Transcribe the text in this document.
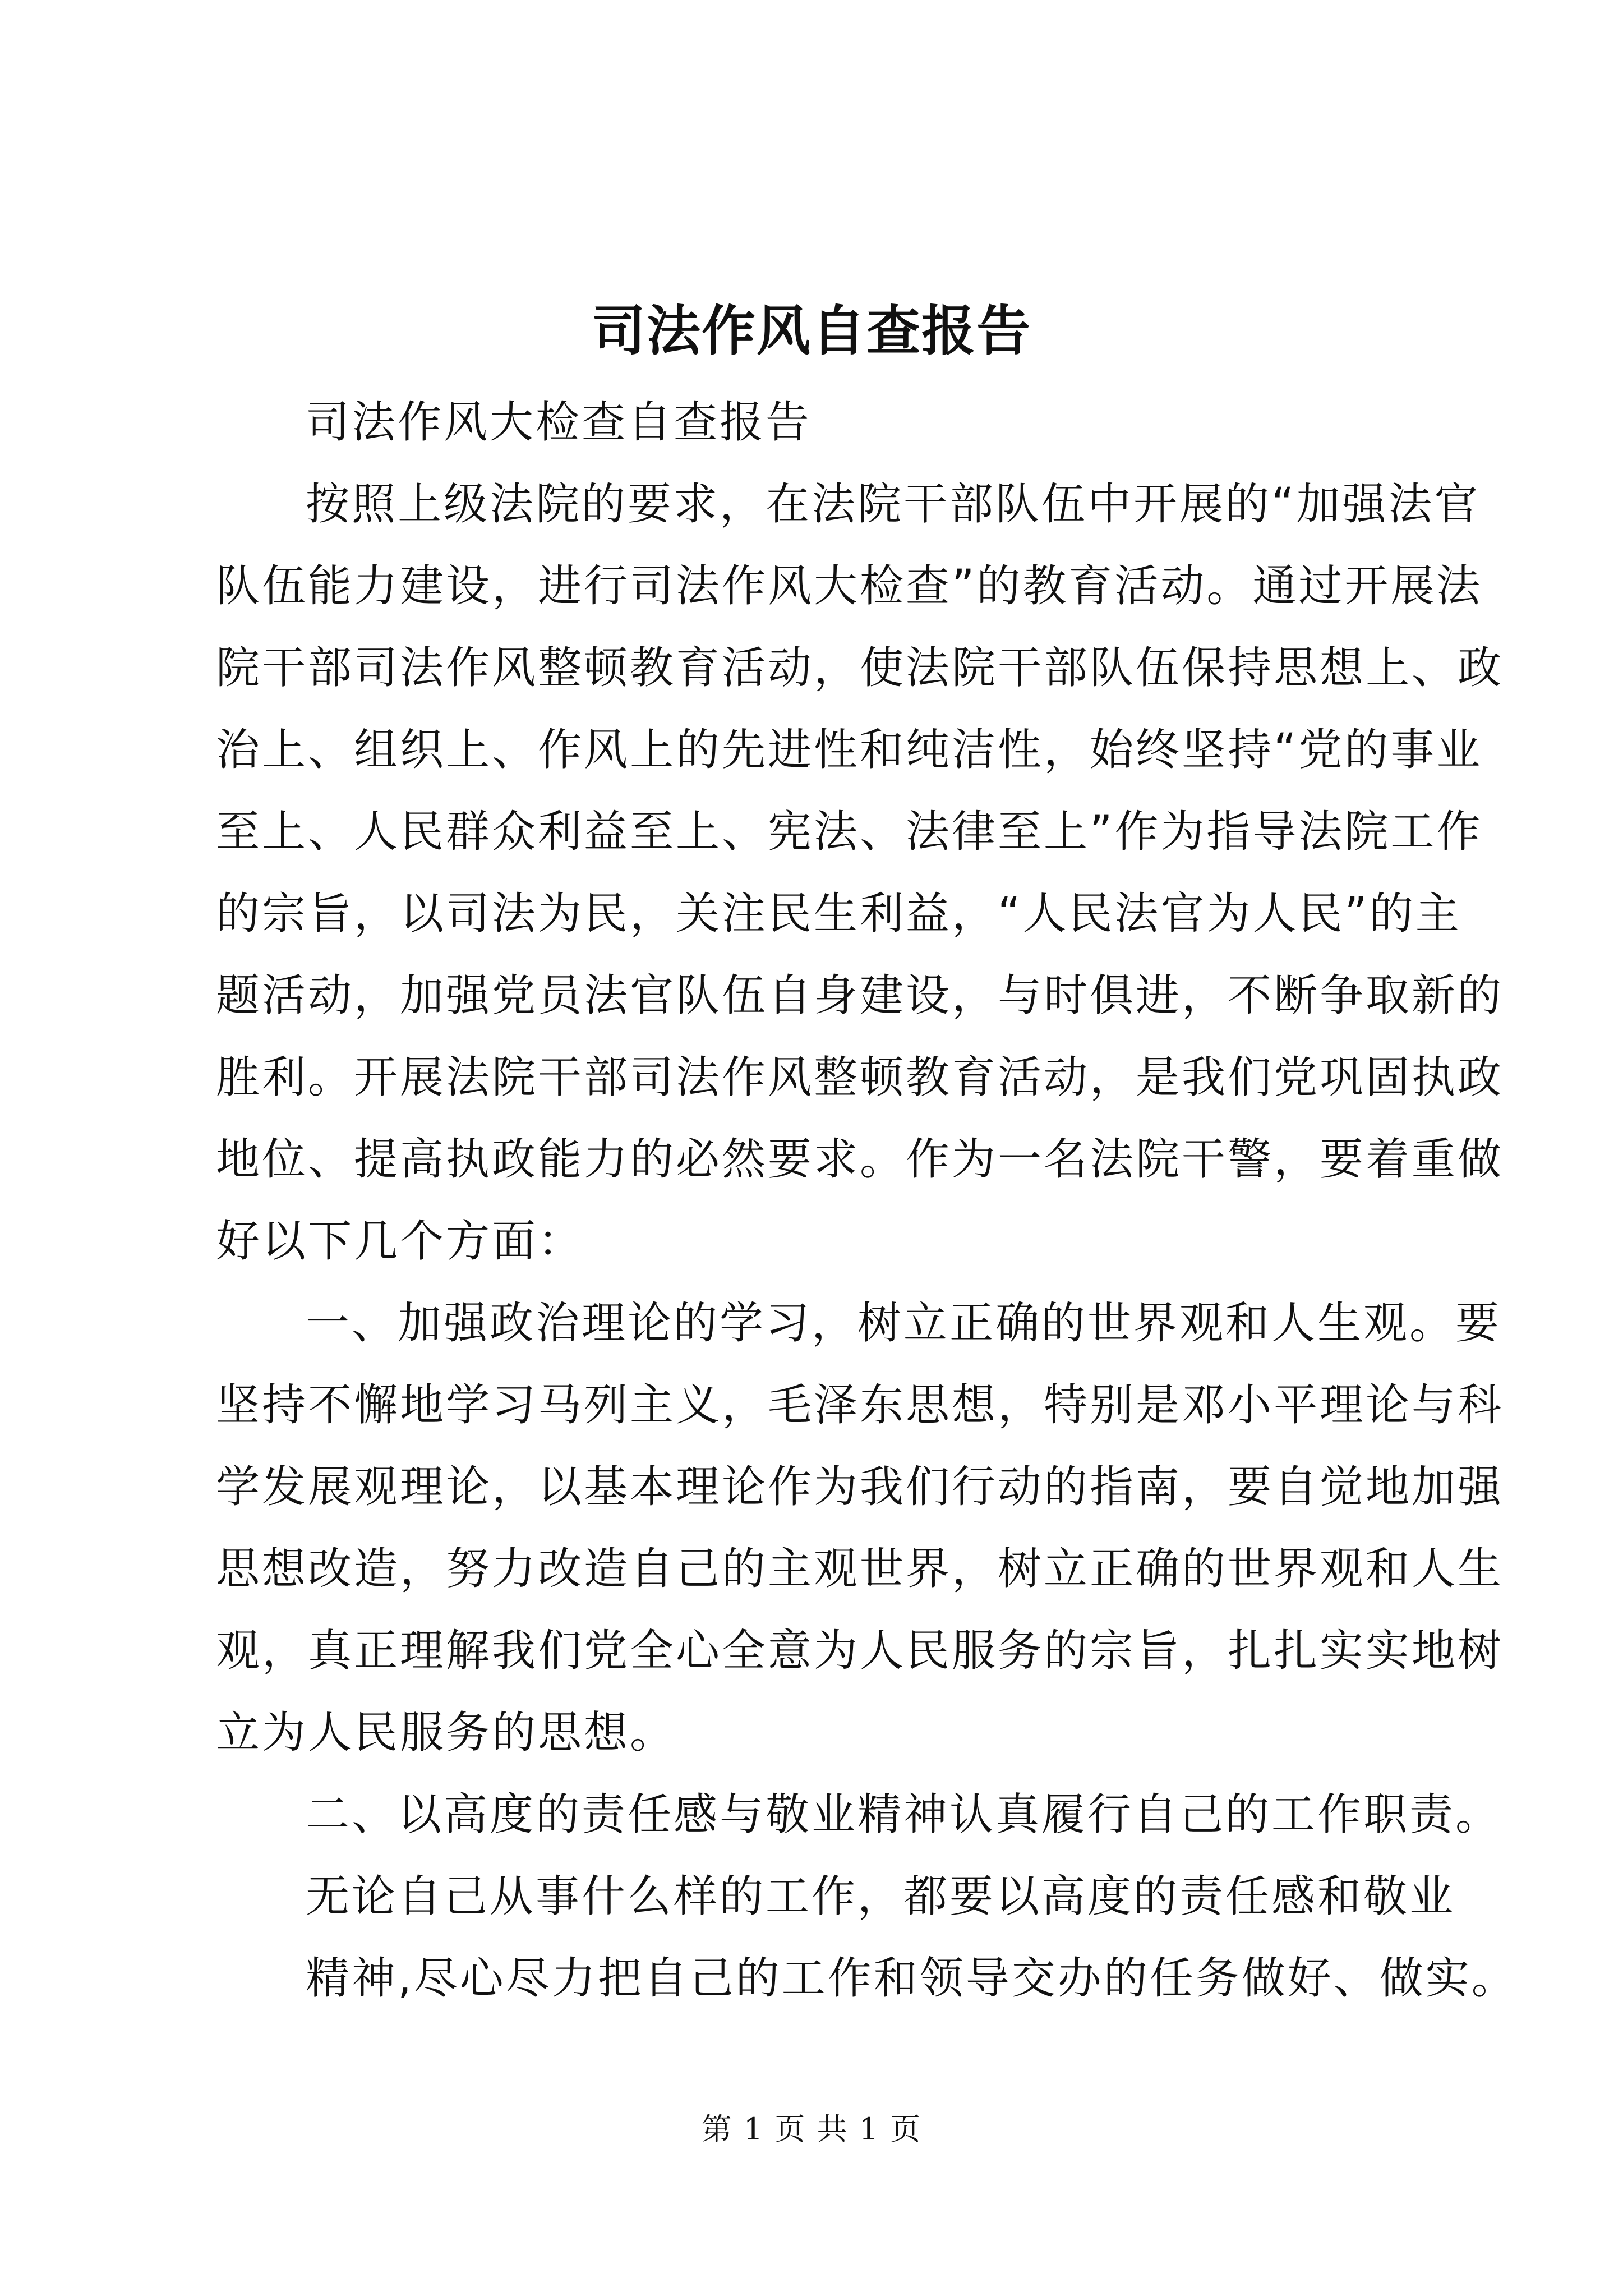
司法作风自查报告

司法作风大检查自查报告

按照上级法院的要求，在法院干部队伍中开展的“加强法官

队伍能力建设，进行司法作风大检查”的教育活动。通过开展法

院干部司法作风整顿教育活动，使法院干部队伍保持思想上、政

治上、组织上、作风上的先进性和纯洁性，始终坚持“党的事业

至上、人民群众利益至上、宪法、法律至上”作为指导法院工作

的宗旨，以司法为民，关注民生利益，“人民法官为人民”的主

题活动，加强党员法官队伍自身建设，与时俱进，不断争取新的

胜利。开展法院干部司法作风整顿教育活动，是我们党巩固执政

地位、提高执政能力的必然要求。作为一名法院干警，要着重做

好以下几个方面：

一、加强政治理论的学习，树立正确的世界观和人生观。要

坚持不懈地学习马列主义，毛泽东思想，特别是邓小平理论与科

学发展观理论，以基本理论作为我们行动的指南，要自觉地加强

思想改造，努力改造自己的主观世界，树立正确的世界观和人生

观，真正理解我们党全心全意为人民服务的宗旨，扎扎实实地树

立为人民服务的思想。

二、以高度的责任感与敬业精神认真履行自己的工作职责。

无论自己从事什么样的工作，都要以高度的责任感和敬业

精神,尽心尽力把自己的工作和领导交办的任务做好、做实。

第 1 页 共 1 页
